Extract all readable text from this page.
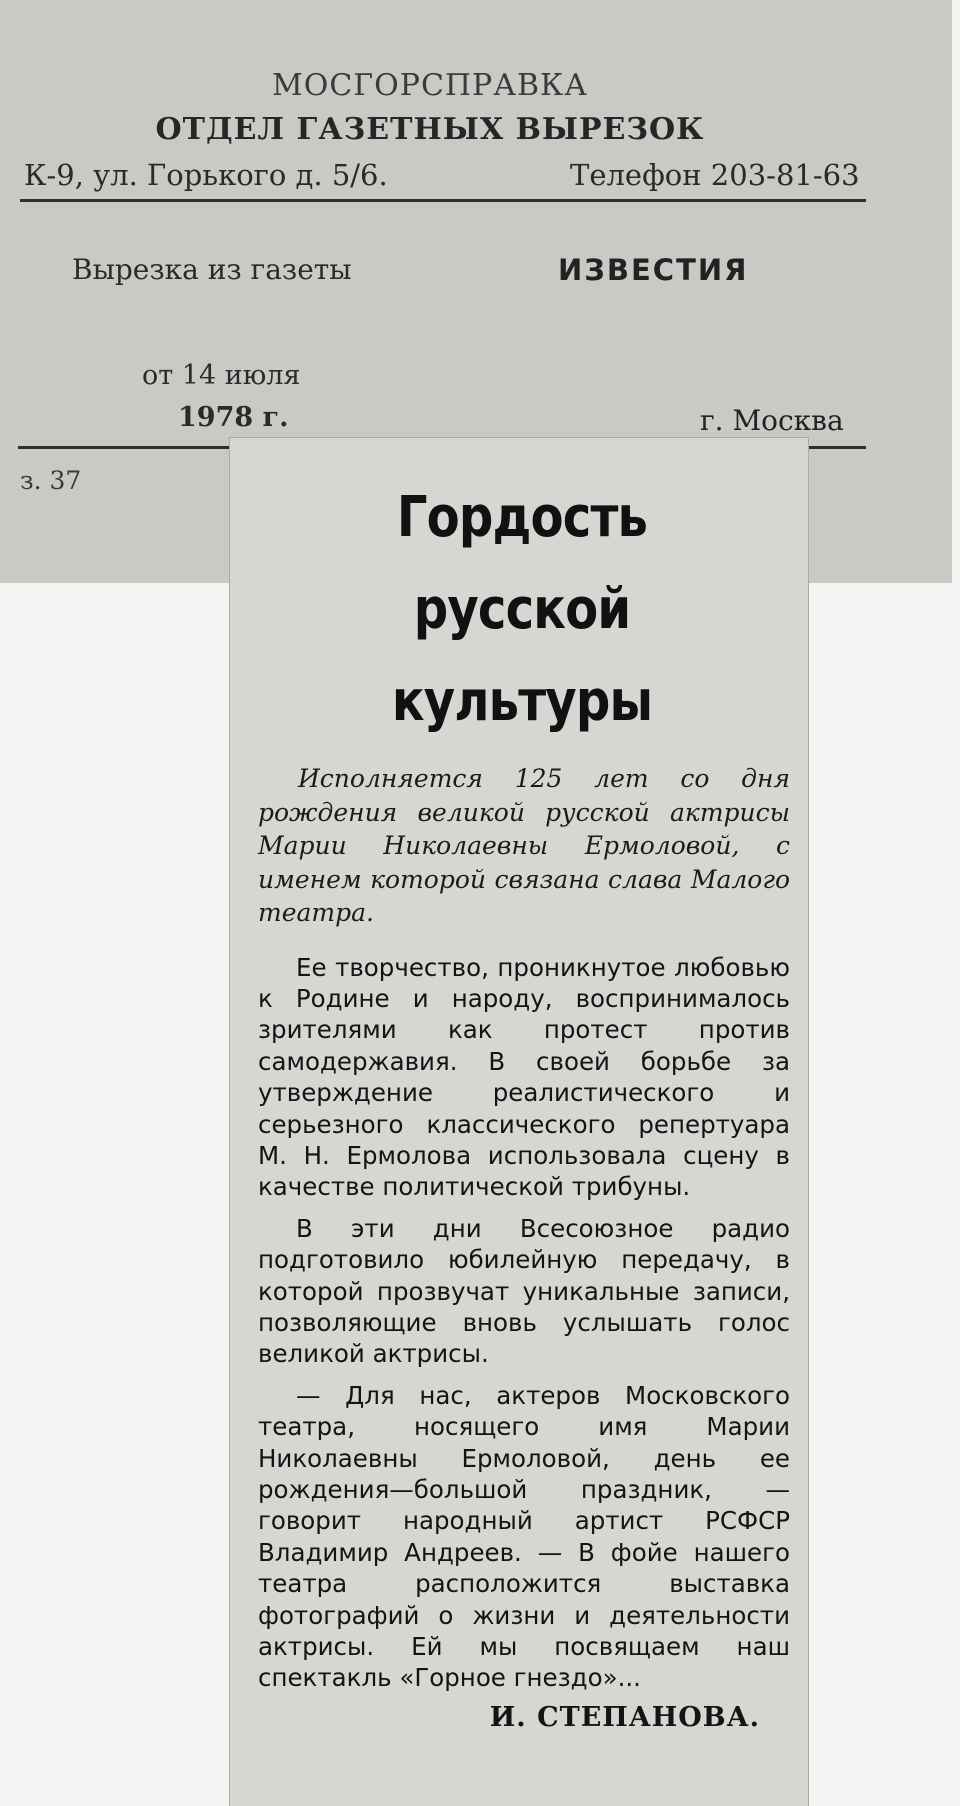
МОСГОРСПРАВКА
ОТДЕЛ ГАЗЕТНЫХ ВЫРЕЗОК
К-9, ул. Горького д. 5/6.	Телефон 203-81-63
Вырезка из газеты	ИЗВЕСТИЯ
от 14 июля
1978 г.	г. Москва
з. 37
Гордость
русской культуры
Исполняется 125 лет со дня рождения великой русской актрисы Марии Николаевны Ермоловой, с именем которой связана слава Малого театра.
Ее творчество, проникнутое любовью к Родине и народу, воспринималось зрителями как протест против самодержавия. В своей борьбе за утверждение реалистического и серьезного классического репертуара М. Н. Ермолова использовала сцену в качестве политической трибуны.
В эти дни Всесоюзное радио подготовило юбилейную передачу, в которой прозвучат уникальные записи, позволяющие вновь услышать голос великой актрисы.
— Для нас, актеров Московского театра, носящего имя Марии Николаевны Ермоловой, день ее рождения—большой праздник, — говорит народный артист РСФСР Владимир Андреев. — В фойе нашего театра расположится выставка фотографий о жизни и деятельности актрисы. Ей мы посвящаем наш спектакль «Горное гнездо»...
И. СТЕПАНОВА.
